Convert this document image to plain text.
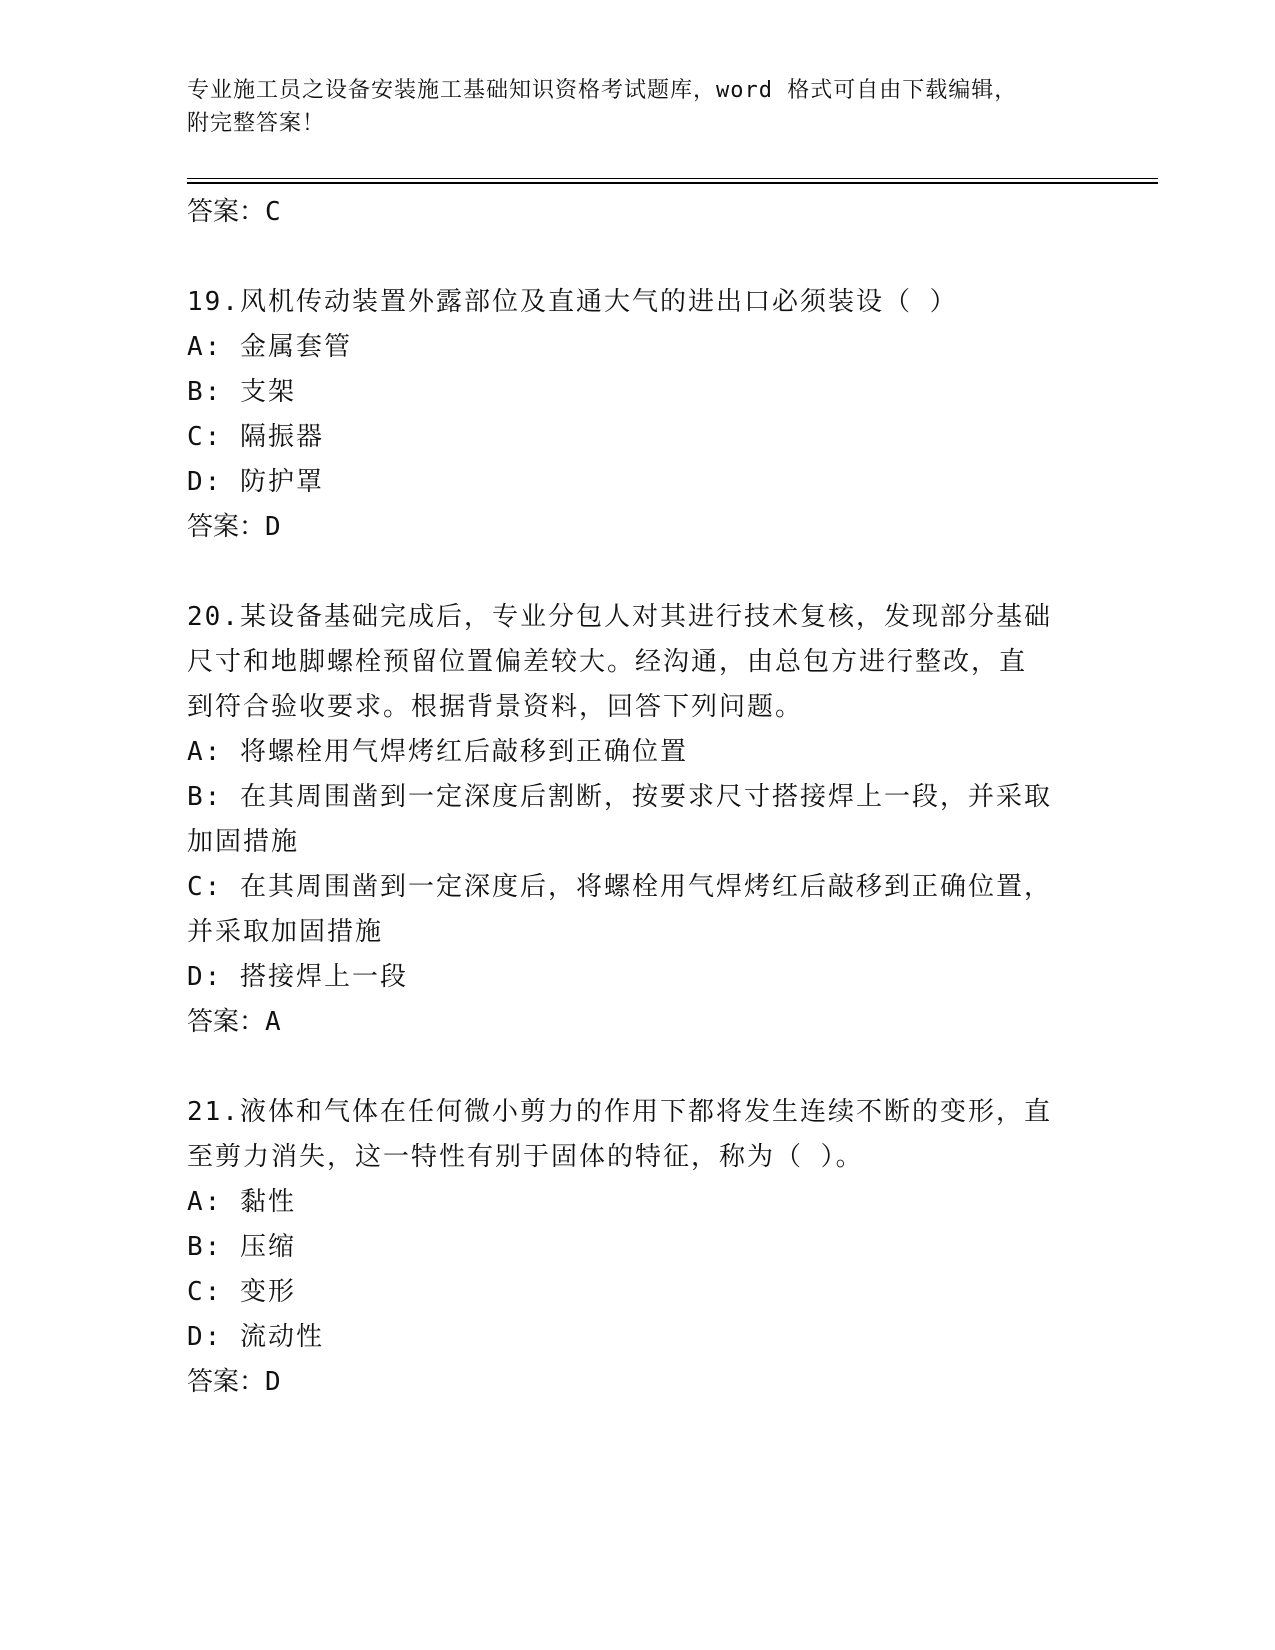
专业施工员之设备安装施工基础知识资格考试题库，word 格式可自由下载编辑，
附完整答案！

答案：C

19.风机传动装置外露部位及直通大气的进出口必须装设（ ）

A: 金属套管

B: 支架

C: 隔振器

D: 防护罩

答案：D

20.某设备基础完成后，专业分包人对其进行技术复核，发现部分基础

尺寸和地脚螺栓预留位置偏差较大。经沟通，由总包方进行整改，直

到符合验收要求。根据背景资料，回答下列问题。

A: 将螺栓用气焊烤红后敲移到正确位置

B: 在其周围凿到一定深度后割断，按要求尺寸搭接焊上一段，并采取

加固措施

C: 在其周围凿到一定深度后，将螺栓用气焊烤红后敲移到正确位置，

并采取加固措施

D: 搭接焊上一段

答案：A

21.液体和气体在任何微小剪力的作用下都将发生连续不断的变形，直

至剪力消失，这一特性有别于固体的特征，称为（ ）。

A: 黏性

B: 压缩

C: 变形

D: 流动性

答案：D
